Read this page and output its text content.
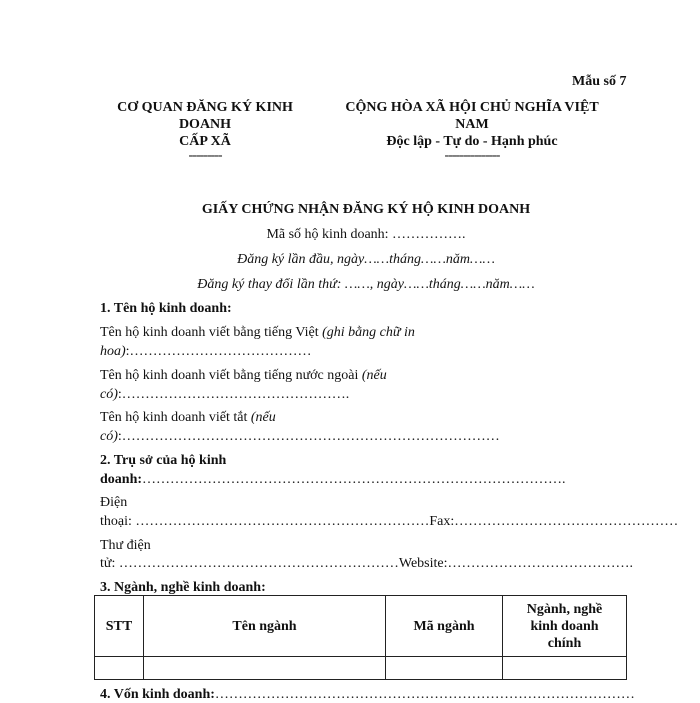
Mẫu số 7
CƠ QUAN ĐĂNG KÝ KINH
DOANH
CẤP XÃ
---------
CỘNG HÒA XÃ HỘI CHỦ NGHĨA VIỆT
NAM
Độc lập - Tự do - Hạnh phúc
---------------
GIẤY CHỨNG NHẬN ĐĂNG KÝ HỘ KINH DOANH
Mã số hộ kinh doanh: …………….
Đăng ký lần đầu, ngày……tháng……năm……
Đăng ký thay đổi lần thứ: ……, ngày……tháng……năm……
1. Tên hộ kinh doanh:
Tên hộ kinh doanh viết bằng tiếng Việt (ghi bằng chữ in
hoa):…………………………………
Tên hộ kinh doanh viết bằng tiếng nước ngoài (nếu
có):………………………………………….
Tên hộ kinh doanh viết tắt (nếu
có):………………………………………………………………………
2. Trụ sở của hộ kinh
doanh:……………………………………………………………………………….
Điện
thoại: ………………………………………………………Fax:…………………………………………
Thư điện
tử: ……………………………………………………Website:………………………………….
3. Ngành, nghề kinh doanh:
STT	Tên ngành	Mã ngành	Ngành, nghề kinh doanh chính

4. Vốn kinh doanh:………………………………………………………………………………
